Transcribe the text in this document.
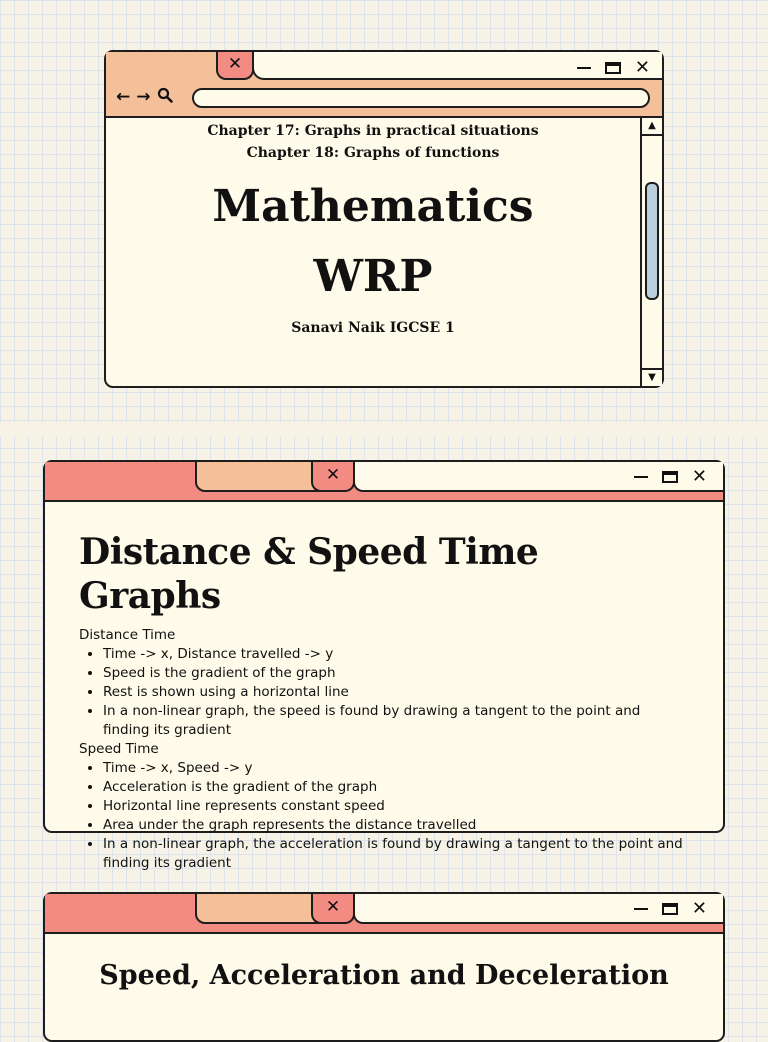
✕	✕
← →
Chapter 17: Graphs in practical situations
Chapter 18: Graphs of functions
Mathematics
WRP
Sanavi Naik IGCSE 1
▲
▼
✕	✕
Distance & Speed Time Graphs
Distance Time
• Time -> x, Distance travelled -> y
• Speed is the gradient of the graph
• Rest is shown using a horizontal line
• In a non-linear graph, the speed is found by drawing a tangent to the point and finding its gradient
Speed Time
• Time -> x, Speed -> y
• Acceleration is the gradient of the graph
• Horizontal line represents constant speed
• Area under the graph represents the distance travelled
• In a non-linear graph, the acceleration is found by drawing a tangent to the point and finding its gradient
✕	✕
Speed, Acceleration and Deceleration
